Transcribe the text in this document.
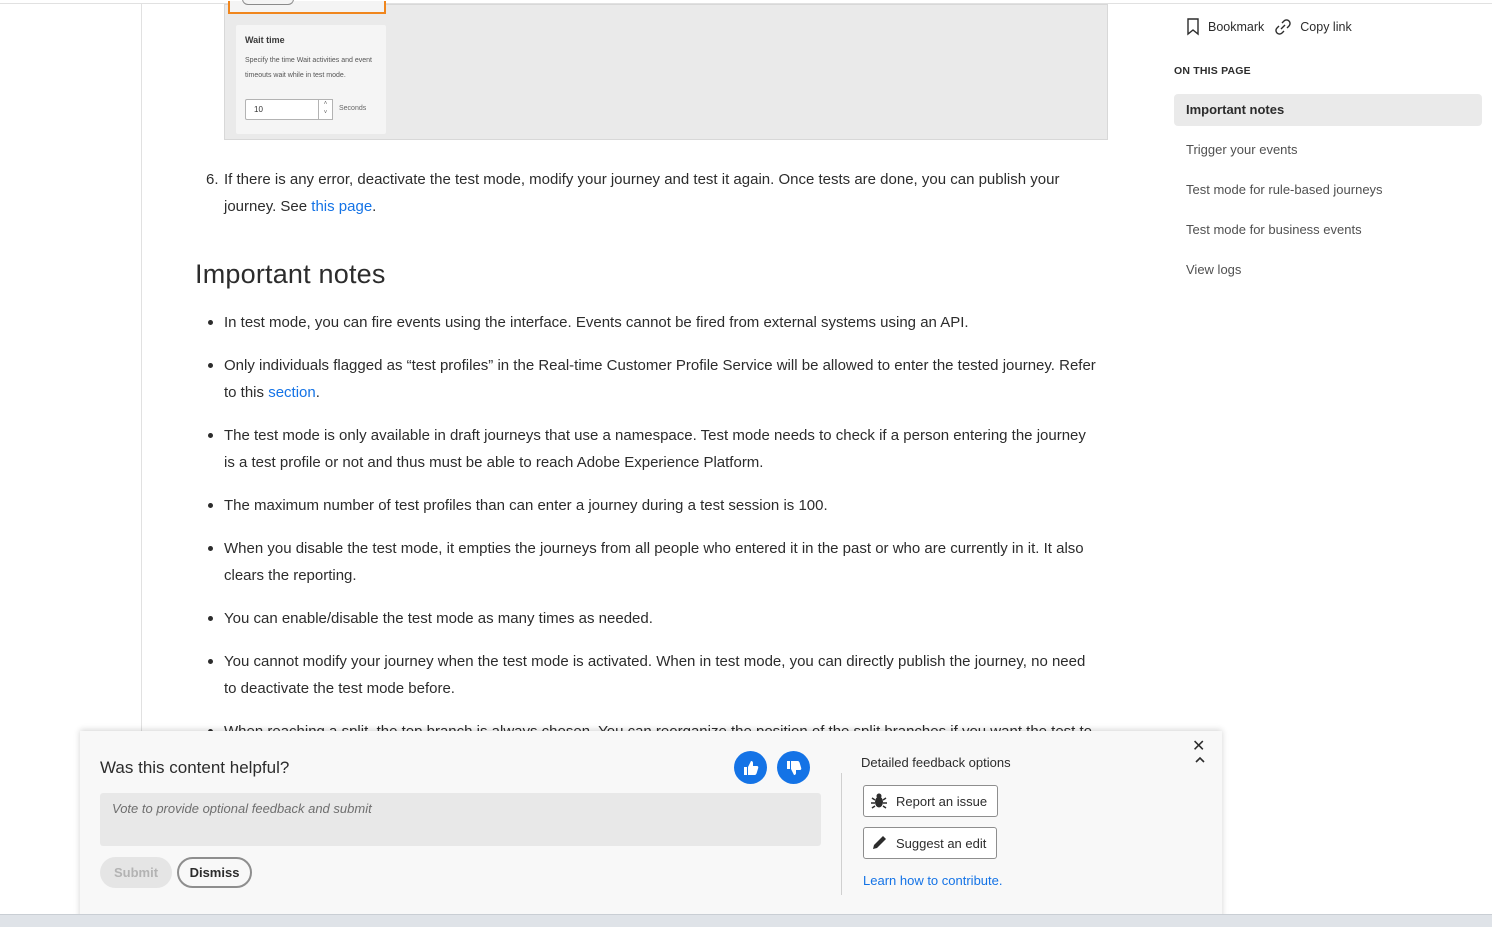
Wait time
Specify the time Wait activities and event timeouts wait while in test mode.
10
˄
˅
Seconds
6. If there is any error, deactivate the test mode, modify your journey and test it again. Once tests are done, you can publish your journey. See this page.
Important notes
In test mode, you can fire events using the interface. Events cannot be fired from external systems using an API.
Only individuals flagged as “test profiles” in the Real-time Customer Profile Service will be allowed to enter the tested journey. Refer to this section.
The test mode is only available in draft journeys that use a namespace. Test mode needs to check if a person entering the journey is a test profile or not and thus must be able to reach Adobe Experience Platform.
The maximum number of test profiles than can enter a journey during a test session is 100.
When you disable the test mode, it empties the journeys from all people who entered it in the past or who are currently in it. It also clears the reporting.
You can enable/disable the test mode as many times as needed.
You cannot modify your journey when the test mode is activated. When in test mode, you can directly publish the journey, no need to deactivate the test mode before.
Bookmark	Copy link
ON THIS PAGE
Important notes
Trigger your events
Test mode for rule-based journeys
Test mode for business events
View logs
Was this content helpful?
Vote to provide optional feedback and submit
Submit	Dismiss
Detailed feedback options
Report an issue
Suggest an edit
Learn how to contribute.
✕
